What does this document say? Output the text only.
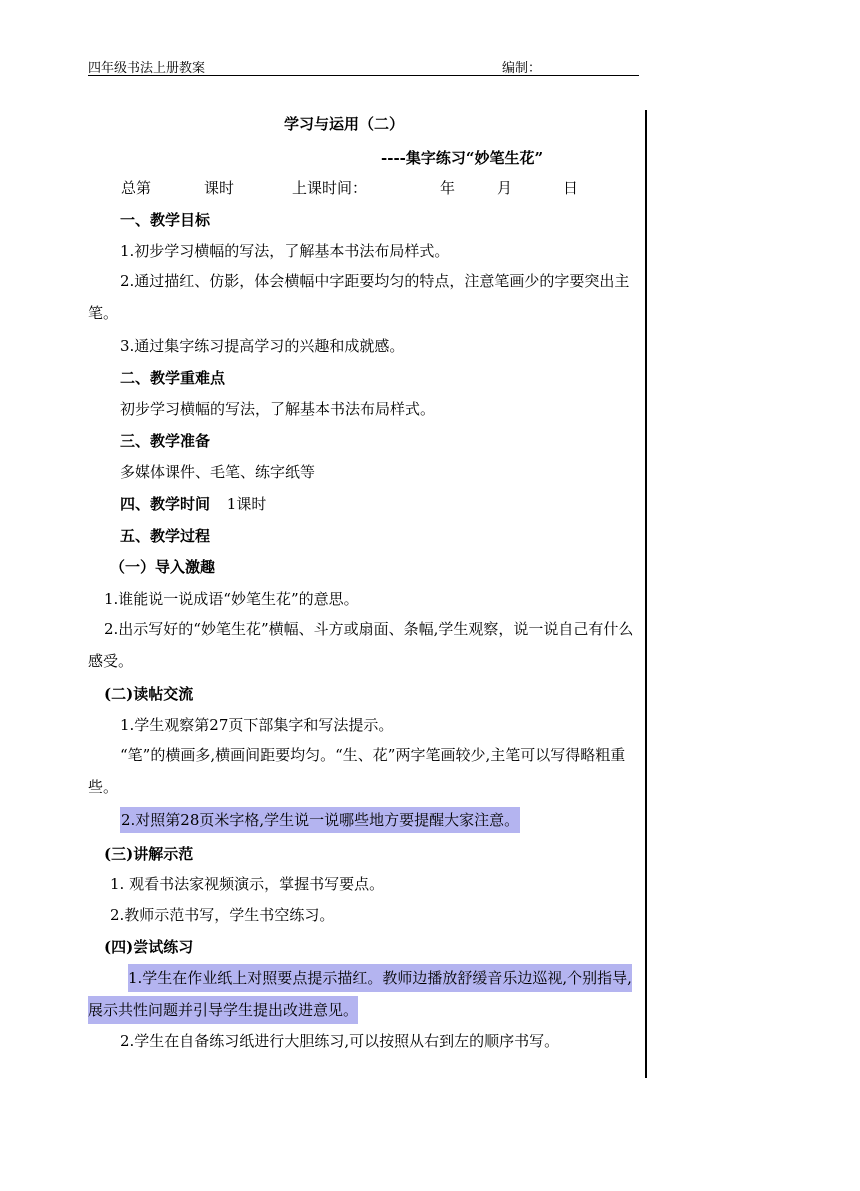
四年级书法上册教案	编制：
学习与运用（二）
----集字练习“妙笔生花”
总第	课时	上课时间：	年	月	日
一、教学目标
1.初步学习横幅的写法，了解基本书法布局样式。
2.通过描红、仿影，体会横幅中字距要均匀的特点，注意笔画少的字要突出主笔。
3.通过集字练习提高学习的兴趣和成就感。
二、教学重难点
初步学习横幅的写法，了解基本书法布局样式。
三、教学准备
多媒体课件、毛笔、练字纸等
四、教学时间 1课时
五、教学过程
（一）导入激趣
1.谁能说一说成语“妙笔生花”的意思。
2.出示写好的“妙笔生花”横幅、斗方或扇面、条幅,学生观察，说一说自己有什么感受。
(二)读帖交流
1.学生观察第27页下部集字和写法提示。
“笔”的横画多,横画间距要均匀。“生、花”两字笔画较少,主笔可以写得略粗重些。
2.对照第28页米字格,学生说一说哪些地方要提醒大家注意。
(三)讲解示范
1. 观看书法家视频演示，掌握书写要点。
2.教师示范书写，学生书空练习。
(四)尝试练习
1.学生在作业纸上对照要点提示描红。教师边播放舒缓音乐边巡视,个别指导,展示共性问题并引导学生提出改进意见。
2.学生在自备练习纸进行大胆练习,可以按照从右到左的顺序书写。
